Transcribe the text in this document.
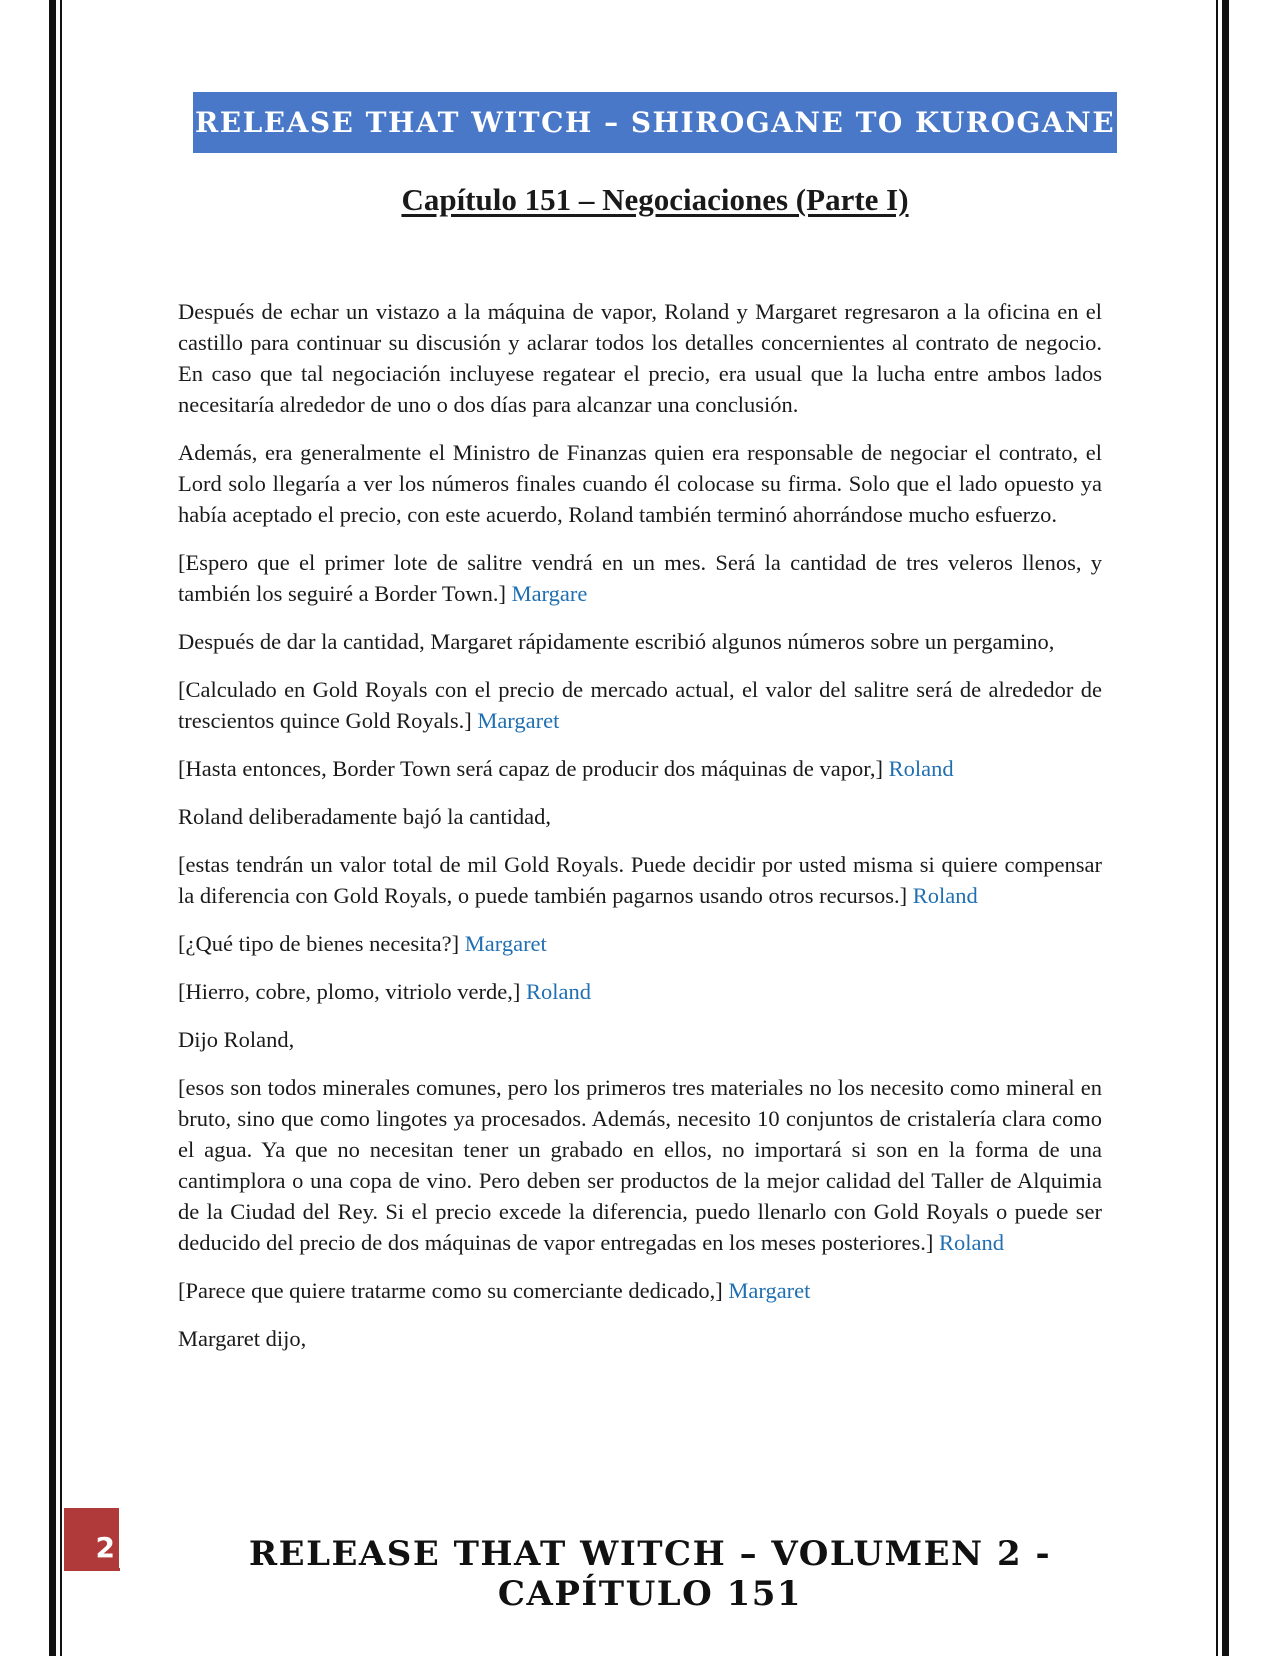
RELEASE THAT WITCH – SHIROGANE TO KUROGANE
Capítulo 151 – Negociaciones (Parte I)

Después de echar un vistazo a la máquina de vapor, Roland y Margaret regresaron a la oficina en el castillo para continuar su discusión y aclarar todos los detalles concernientes al contrato de negocio. En caso que tal negociación incluyese regatear el precio, era usual que la lucha entre ambos lados necesitaría alrededor de uno o dos días para alcanzar una conclusión.

Además, era generalmente el Ministro de Finanzas quien era responsable de negociar el contrato, el Lord solo llegaría a ver los números finales cuando él colocase su firma. Solo que el lado opuesto ya había aceptado el precio, con este acuerdo, Roland también terminó ahorrándose mucho esfuerzo.

[Espero que el primer lote de salitre vendrá en un mes. Será la cantidad de tres veleros llenos, y también los seguiré a Border Town.] Margare

Después de dar la cantidad, Margaret rápidamente escribió algunos números sobre un pergamino,

[Calculado en Gold Royals con el precio de mercado actual, el valor del salitre será de alrededor de trescientos quince Gold Royals.] Margaret

[Hasta entonces, Border Town será capaz de producir dos máquinas de vapor,] Roland

Roland deliberadamente bajó la cantidad,

[estas tendrán un valor total de mil Gold Royals. Puede decidir por usted misma si quiere compensar la diferencia con Gold Royals, o puede también pagarnos usando otros recursos.] Roland

[¿Qué tipo de bienes necesita?] Margaret

[Hierro, cobre, plomo, vitriolo verde,] Roland

Dijo Roland,

[esos son todos minerales comunes, pero los primeros tres materiales no los necesito como mineral en bruto, sino que como lingotes ya procesados. Además, necesito 10 conjuntos de cristalería clara como el agua. Ya que no necesitan tener un grabado en ellos, no importará si son en la forma de una cantimplora o una copa de vino. Pero deben ser productos de la mejor calidad del Taller de Alquimia de la Ciudad del Rey. Si el precio excede la diferencia, puedo llenarlo con Gold Royals o puede ser deducido del precio de dos máquinas de vapor entregadas en los meses posteriores.] Roland

[Parece que quiere tratarme como su comerciante dedicado,] Margaret

Margaret dijo,

2	RELEASE THAT WITCH – VOLUMEN 2 - CAPÍTULO 151
